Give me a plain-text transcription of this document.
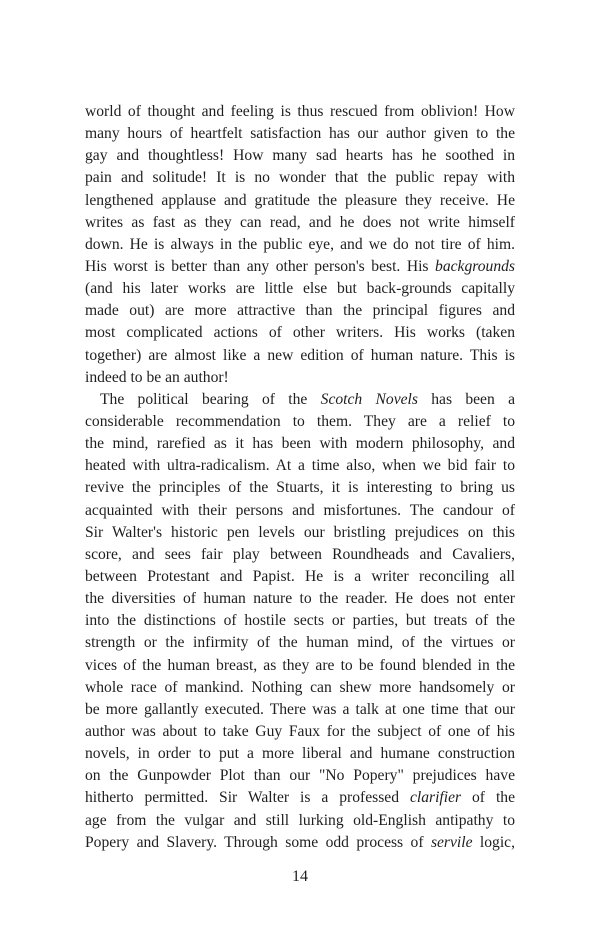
world of thought and feeling is thus rescued from oblivion! How
many hours of heartfelt satisfaction has our author given to the
gay and thoughtless! How many sad hearts has he soothed in
pain and solitude! It is no wonder that the public repay with
lengthened applause and gratitude the pleasure they receive. He
writes as fast as they can read, and he does not write himself
down. He is always in the public eye, and we do not tire of him.
His worst is better than any other person's best. His backgrounds
(and his later works are little else but back-grounds capitally
made out) are more attractive than the principal figures and
most complicated actions of other writers. His works (taken
together) are almost like a new edition of human nature. This is
indeed to be an author!
The political bearing of the Scotch Novels has been a
considerable recommendation to them. They are a relief to
the mind, rarefied as it has been with modern philosophy, and
heated with ultra-radicalism. At a time also, when we bid fair to
revive the principles of the Stuarts, it is interesting to bring us
acquainted with their persons and misfortunes. The candour of
Sir Walter's historic pen levels our bristling prejudices on this
score, and sees fair play between Roundheads and Cavaliers,
between Protestant and Papist. He is a writer reconciling all
the diversities of human nature to the reader. He does not enter
into the distinctions of hostile sects or parties, but treats of the
strength or the infirmity of the human mind, of the virtues or
vices of the human breast, as they are to be found blended in the
whole race of mankind. Nothing can shew more handsomely or
be more gallantly executed. There was a talk at one time that our
author was about to take Guy Faux for the subject of one of his
novels, in order to put a more liberal and humane construction
on the Gunpowder Plot than our "No Popery" prejudices have
hitherto permitted. Sir Walter is a professed clarifier of the
age from the vulgar and still lurking old-English antipathy to
Popery and Slavery. Through some odd process of servile logic,
14
